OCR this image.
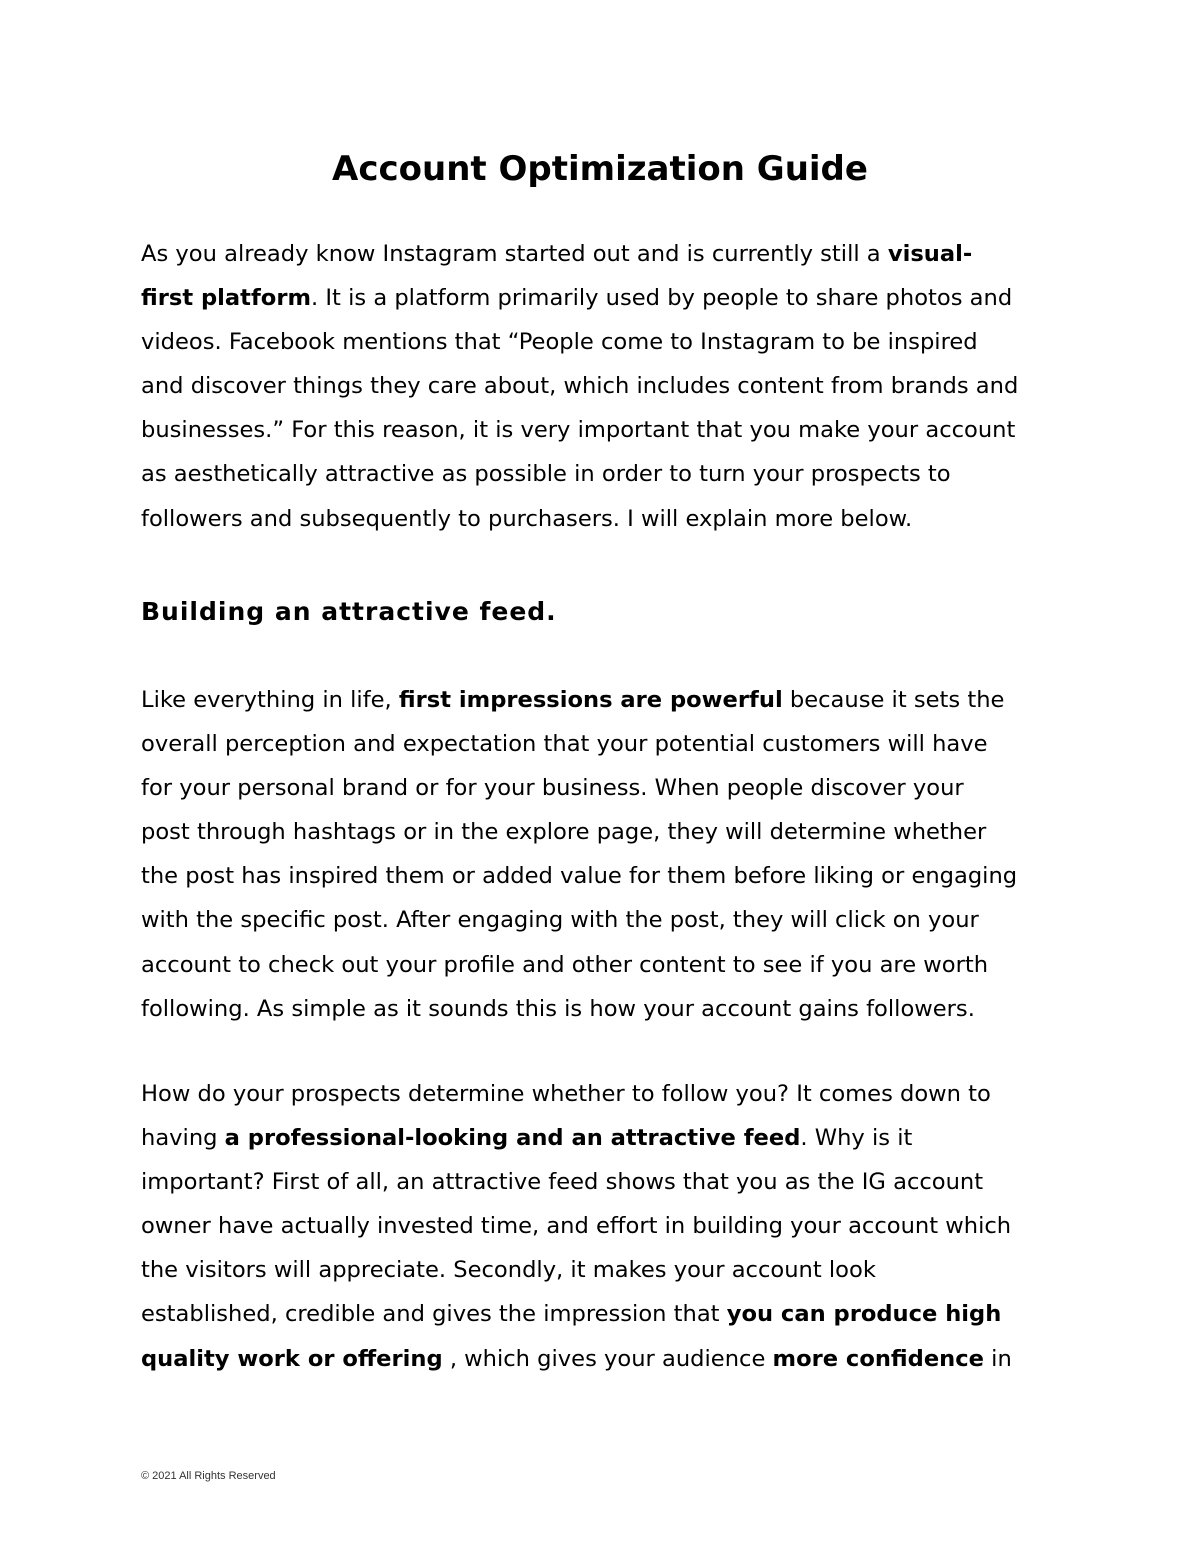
Account Optimization Guide
As you already know Instagram started out and is currently still a visual-
first platform. It is a platform primarily used by people to share photos and
videos. Facebook mentions that “People come to Instagram to be inspired
and discover things they care about, which includes content from brands and
businesses.” For this reason, it is very important that you make your account
as aesthetically attractive as possible in order to turn your prospects to
followers and subsequently to purchasers. I will explain more below.
Building an attractive feed.
Like everything in life, first impressions are powerful because it sets the
overall perception and expectation that your potential customers will have
for your personal brand or for your business. When people discover your
post through hashtags or in the explore page, they will determine whether
the post has inspired them or added value for them before liking or engaging
with the specific post. After engaging with the post, they will click on your
account to check out your profile and other content to see if you are worth
following. As simple as it sounds this is how your account gains followers.
How do your prospects determine whether to follow you? It comes down to
having a professional-looking and an attractive feed. Why is it
important? First of all, an attractive feed shows that you as the IG account
owner have actually invested time, and effort in building your account which
the visitors will appreciate. Secondly, it makes your account look
established, credible and gives the impression that you can produce high
quality work or offering , which gives your audience more confidence in

© 2021 All Rights Reserved
